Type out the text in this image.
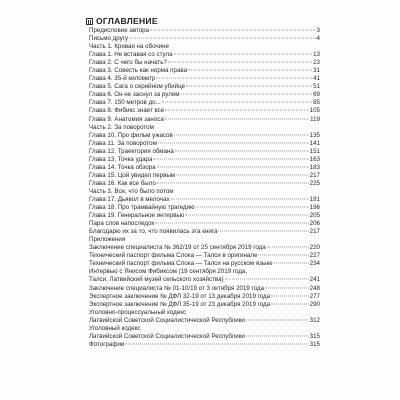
ОГЛАВЛЕНИЕ
Предисловие автора	3
Письмо другу	4
Часть 1. Кривая на обочине
Глава 1. Не вставая со стула	13
Глава 2. С чего бы начать?	23
Глава 3. Совесть как норма права	31
Глава 4. 35-й километр	41
Глава 5. Сага о серийном убийце	51
Глава 6. Он не заснул за рулем	69
Глава 7. 150 метров до...	85
Глава 8. Фибикс знает все	105
Глава 9. Анатомия заноса	119
Часть 2. За поворотом
Глава 10. Про фильм ужасов	135
Глава 11. За поворотом	141
Глава 12. Траектория обмана	151
Глава 13. Точка удара	163
Глава 14. Точка обзора	183
Глава 15. Цой увидел первым	217
Глава 16. Как все было	225
Часть 3. Все, что было потом
Глава 17. Дьявол в мелочах	181
Глава 18. Про трамвайную трагедию	196
Глава 19. Генеральное интервью	205
Пара слов напоследок	206
Благодарю их за то, что появилась эта книга	217
Приложения
Заключение специалиста № 362/19 от 25 сентября 2019 года	220
Технический паспорт фильма Слока — Талси в оригинале	227
Технический паспорт фильма Слока — Талси на русском языке	234
Интервью с Янисом Фибиксом (19 сентября 2019 года,
Талси, Латвийский музей сельского хозяйства)	241
Заключение специалиста № 01-10/19 от 3 октября 2019 года	248
Экспертное заключение № ДФЛ 32-19 от 13 декабря 2019 года	277
Экспертное заключение № ДФЛ 35-19 от 23 декабря 2019 года	290
Уголовно-процессуальный кодекс
Латвийской Советской Социалистической Республики	312
Уголовный кодекс
Латвийской Советской Социалистической Республики	315
Фотографии	315
